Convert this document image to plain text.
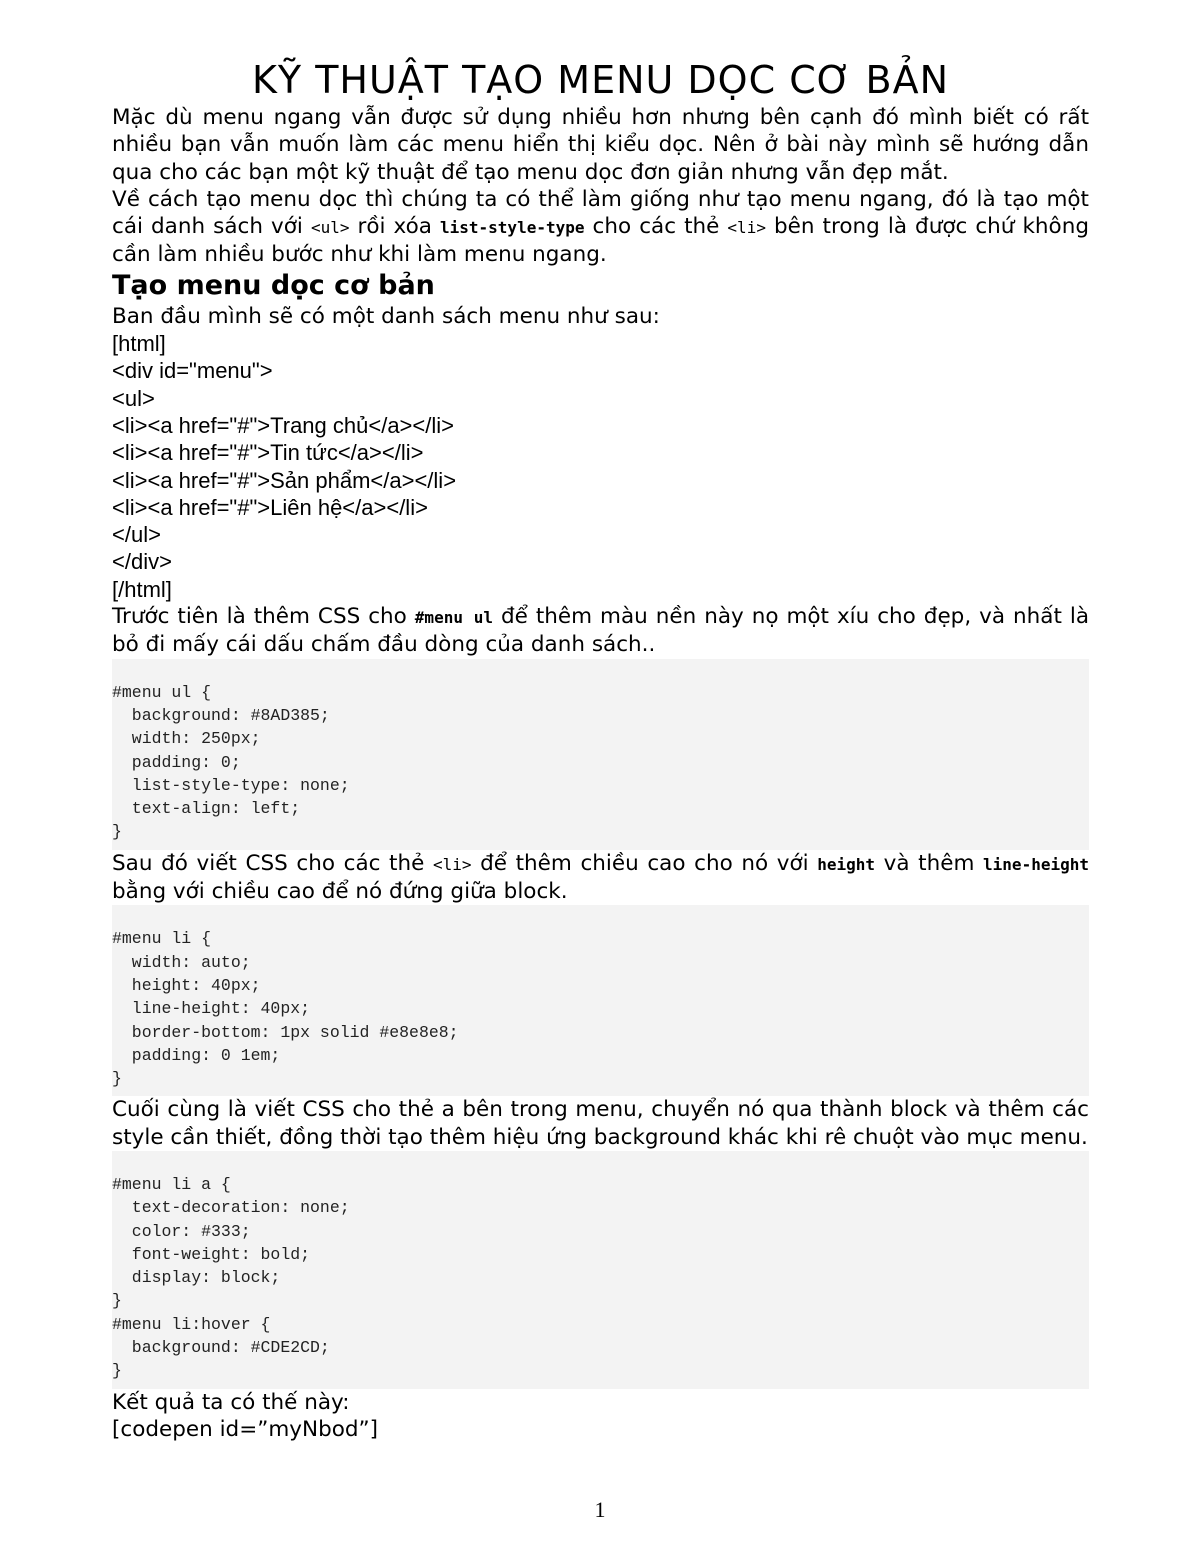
KỸ THUẬT TẠO MENU DỌC CƠ BẢN

Mặc dù menu ngang vẫn được sử dụng nhiều hơn nhưng bên cạnh đó mình biết có rất nhiều bạn vẫn muốn làm các menu hiển thị kiểu dọc. Nên ở bài này mình sẽ hướng dẫn qua cho các bạn một kỹ thuật để tạo menu dọc đơn giản nhưng vẫn đẹp mắt.

Về cách tạo menu dọc thì chúng ta có thể làm giống như tạo menu ngang, đó là tạo một cái danh sách với <ul> rồi xóa list-style-type cho các thẻ <li> bên trong là được chứ không cần làm nhiều bước như khi làm menu ngang.

Tạo menu dọc cơ bản

Ban đầu mình sẽ có một danh sách menu như sau:

[html]
<div id="menu">
<ul>
<li><a href="#">Trang chủ</a></li>
<li><a href="#">Tin tức</a></li>
<li><a href="#">Sản phẩm</a></li>
<li><a href="#">Liên hệ</a></li>
</ul>
</div>
[/html]

Trước tiên là thêm CSS cho #menu ul để thêm màu nền này nọ một xíu cho đẹp, và nhất là bỏ đi mấy cái dấu chấm đầu dòng của danh sách..

#menu ul {
background: #8AD385;
width: 250px;
padding: 0;
list-style-type: none;
text-align: left;
}

Sau đó viết CSS cho các thẻ <li> để thêm chiều cao cho nó với height và thêm line-height bằng với chiều cao để nó đứng giữa block.

#menu li {
width: auto;
height: 40px;
line-height: 40px;
border-bottom: 1px solid #e8e8e8;
padding: 0 1em;
}

Cuối cùng là viết CSS cho thẻ a bên trong menu, chuyển nó qua thành block và thêm các style cần thiết, đồng thời tạo thêm hiệu ứng background khác khi rê chuột vào mục menu.

#menu li a {
text-decoration: none;
color: #333;
font-weight: bold;
display: block;
}
#menu li:hover {
background: #CDE2CD;
}

Kết quả ta có thế này:

[codepen id=”myNbod”]

1
